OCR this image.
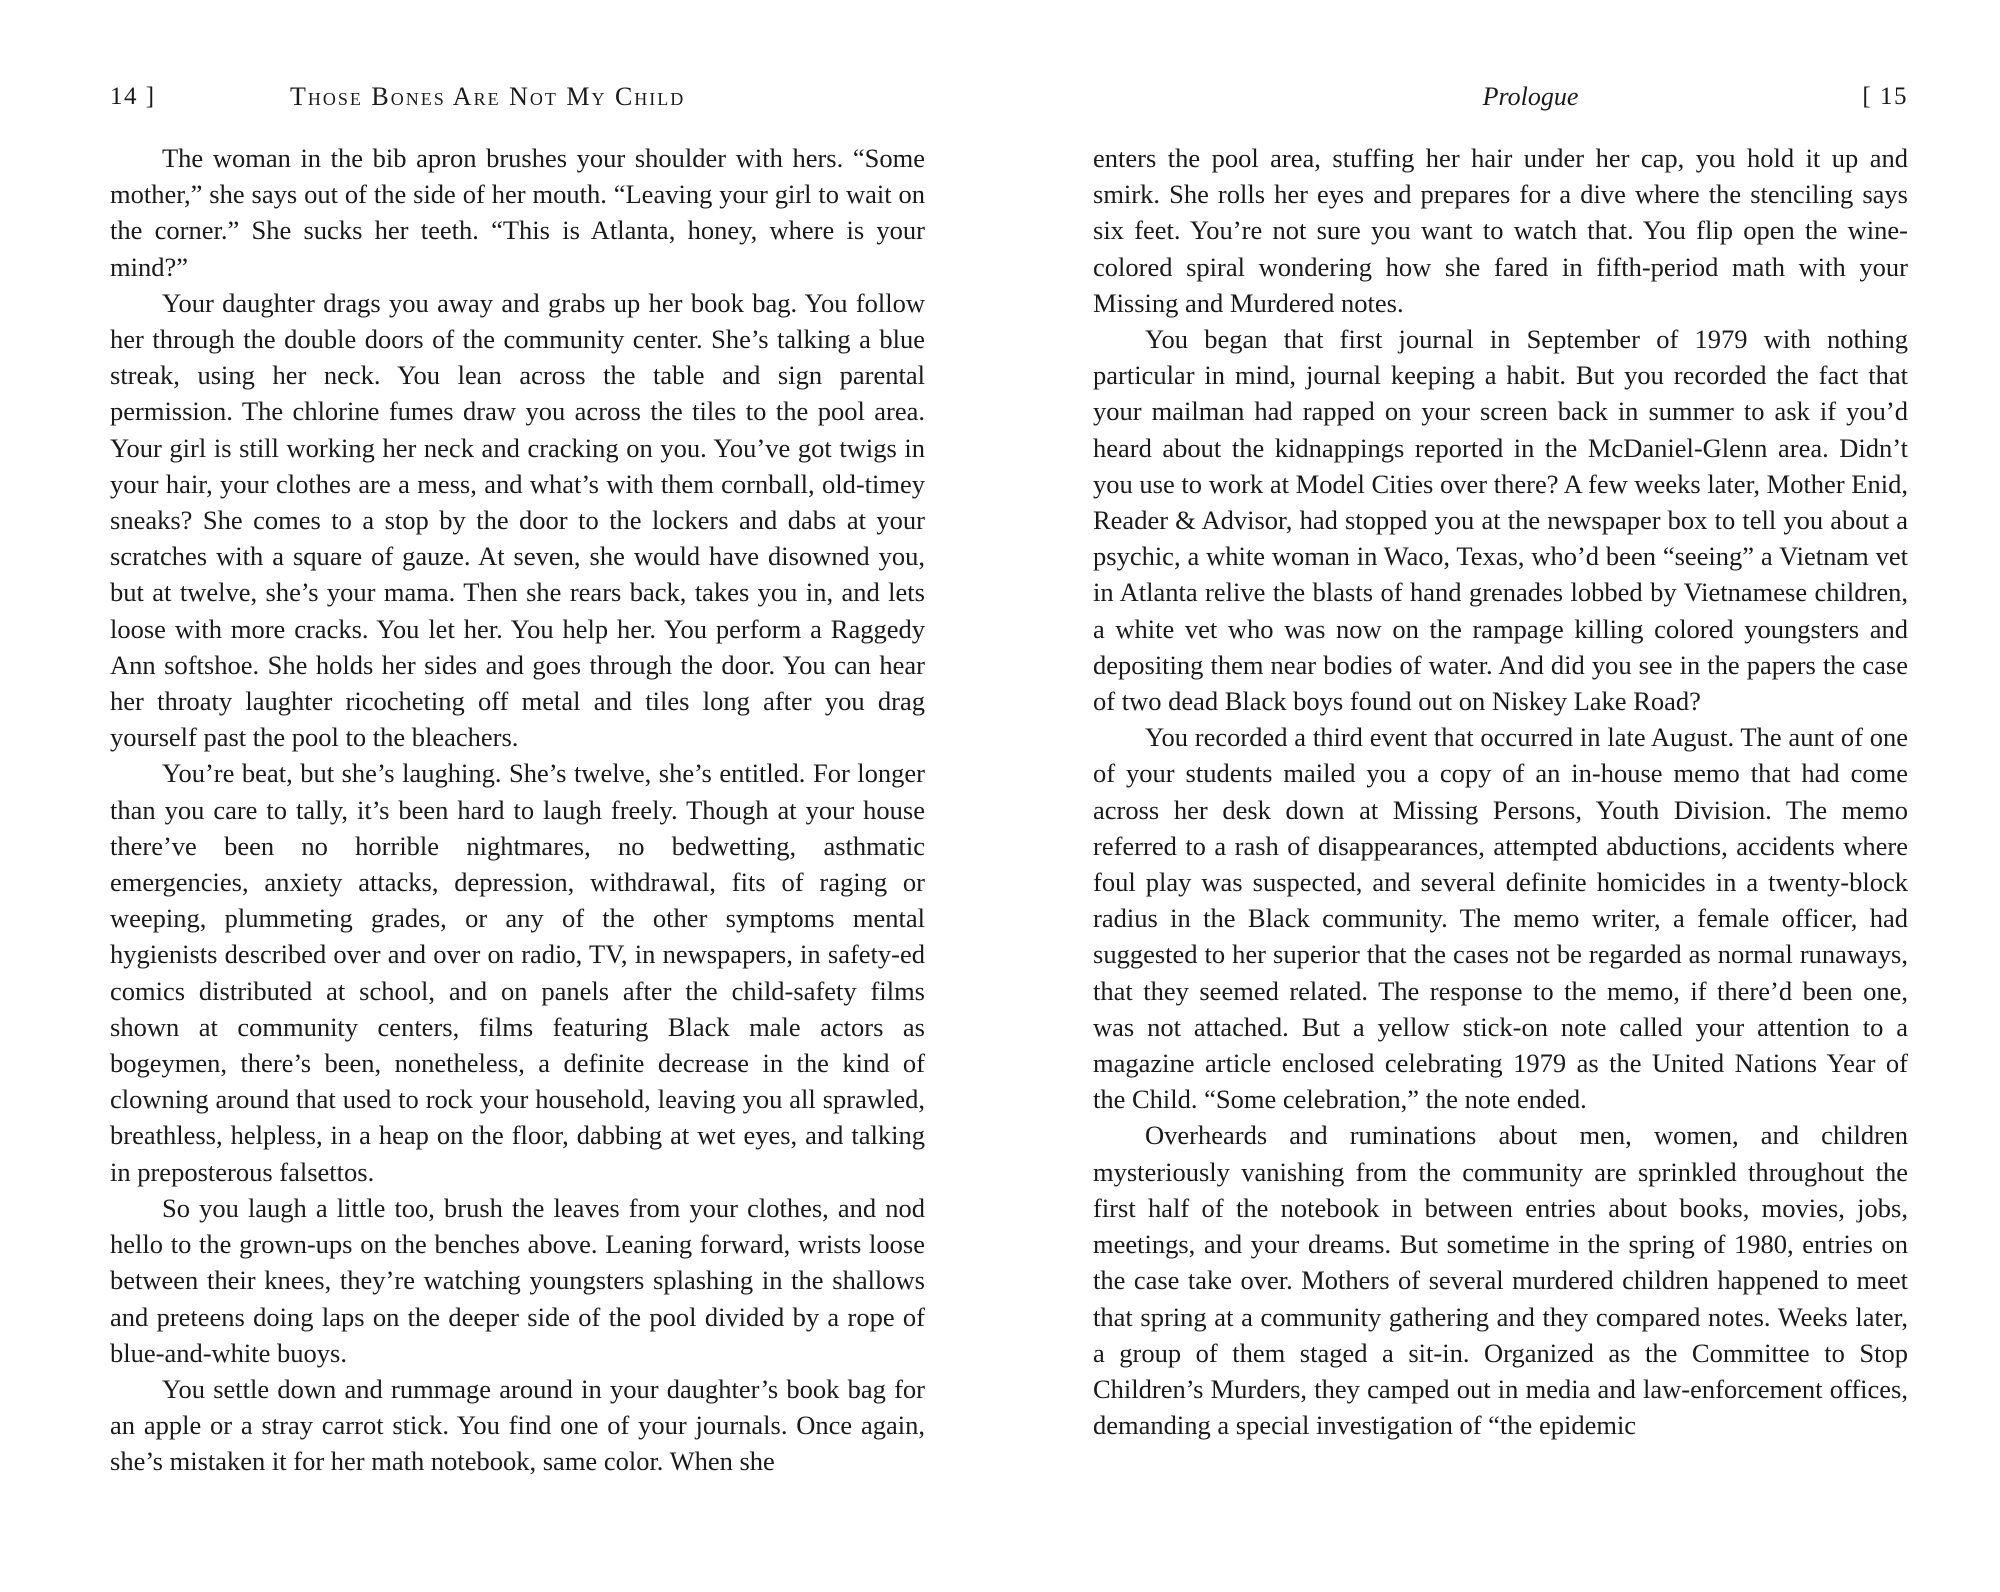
14 ]	Those Bones Are Not My Child

The woman in the bib apron brushes your shoulder with hers. “Some mother,” she says out of the side of her mouth. “Leaving your girl to wait on the corner.” She sucks her teeth. “This is Atlanta, honey, where is your mind?”

Your daughter drags you away and grabs up her book bag. You follow her through the double doors of the community center. She’s talking a blue streak, using her neck. You lean across the table and sign parental permission. The chlorine fumes draw you across the tiles to the pool area. Your girl is still working her neck and cracking on you. You’ve got twigs in your hair, your clothes are a mess, and what’s with them cornball, old-timey sneaks? She comes to a stop by the door to the lockers and dabs at your scratches with a square of gauze. At seven, she would have disowned you, but at twelve, she’s your mama. Then she rears back, takes you in, and lets loose with more cracks. You let her. You help her. You perform a Raggedy Ann softshoe. She holds her sides and goes through the door. You can hear her throaty laughter ricocheting off metal and tiles long after you drag yourself past the pool to the bleachers.

You’re beat, but she’s laughing. She’s twelve, she’s entitled. For longer than you care to tally, it’s been hard to laugh freely. Though at your house there’ve been no horrible nightmares, no bedwetting, asthmatic emergencies, anxiety attacks, depression, withdrawal, fits of raging or weeping, plummeting grades, or any of the other symptoms mental hygienists described over and over on radio, TV, in newspapers, in safety-ed comics distributed at school, and on panels after the child-safety films shown at community centers, films featuring Black male actors as bogeymen, there’s been, nonetheless, a definite decrease in the kind of clowning around that used to rock your household, leaving you all sprawled, breathless, helpless, in a heap on the floor, dabbing at wet eyes, and talking in preposterous falsettos.

So you laugh a little too, brush the leaves from your clothes, and nod hello to the grown-ups on the benches above. Leaning forward, wrists loose between their knees, they’re watching youngsters splashing in the shallows and preteens doing laps on the deeper side of the pool divided by a rope of blue-and-white buoys.

You settle down and rummage around in your daughter’s book bag for an apple or a stray carrot stick. You find one of your journals. Once again, she’s mistaken it for her math notebook, same color. When she

Prologue	[ 15

enters the pool area, stuffing her hair under her cap, you hold it up and smirk. She rolls her eyes and prepares for a dive where the stenciling says six feet. You’re not sure you want to watch that. You flip open the wine-colored spiral wondering how she fared in fifth-period math with your Missing and Murdered notes.

You began that first journal in September of 1979 with nothing particular in mind, journal keeping a habit. But you recorded the fact that your mailman had rapped on your screen back in summer to ask if you’d heard about the kidnappings reported in the McDaniel-Glenn area. Didn’t you use to work at Model Cities over there? A few weeks later, Mother Enid, Reader & Advisor, had stopped you at the newspaper box to tell you about a psychic, a white woman in Waco, Texas, who’d been “seeing” a Vietnam vet in Atlanta relive the blasts of hand grenades lobbed by Vietnamese children, a white vet who was now on the rampage killing colored youngsters and depositing them near bodies of water. And did you see in the papers the case of two dead Black boys found out on Niskey Lake Road?

You recorded a third event that occurred in late August. The aunt of one of your students mailed you a copy of an in-house memo that had come across her desk down at Missing Persons, Youth Division. The memo referred to a rash of disappearances, attempted abductions, accidents where foul play was suspected, and several definite homicides in a twenty-block radius in the Black community. The memo writer, a female officer, had suggested to her superior that the cases not be regarded as normal runaways, that they seemed related. The response to the memo, if there’d been one, was not attached. But a yellow stick-on note called your attention to a magazine article enclosed celebrating 1979 as the United Nations Year of the Child. “Some celebration,” the note ended.

Overheards and ruminations about men, women, and children mysteriously vanishing from the community are sprinkled throughout the first half of the notebook in between entries about books, movies, jobs, meetings, and your dreams. But sometime in the spring of 1980, entries on the case take over. Mothers of several murdered children happened to meet that spring at a community gathering and they compared notes. Weeks later, a group of them staged a sit-in. Organized as the Committee to Stop Children’s Murders, they camped out in media and law-enforcement offices, demanding a special investigation of “the epidemic
